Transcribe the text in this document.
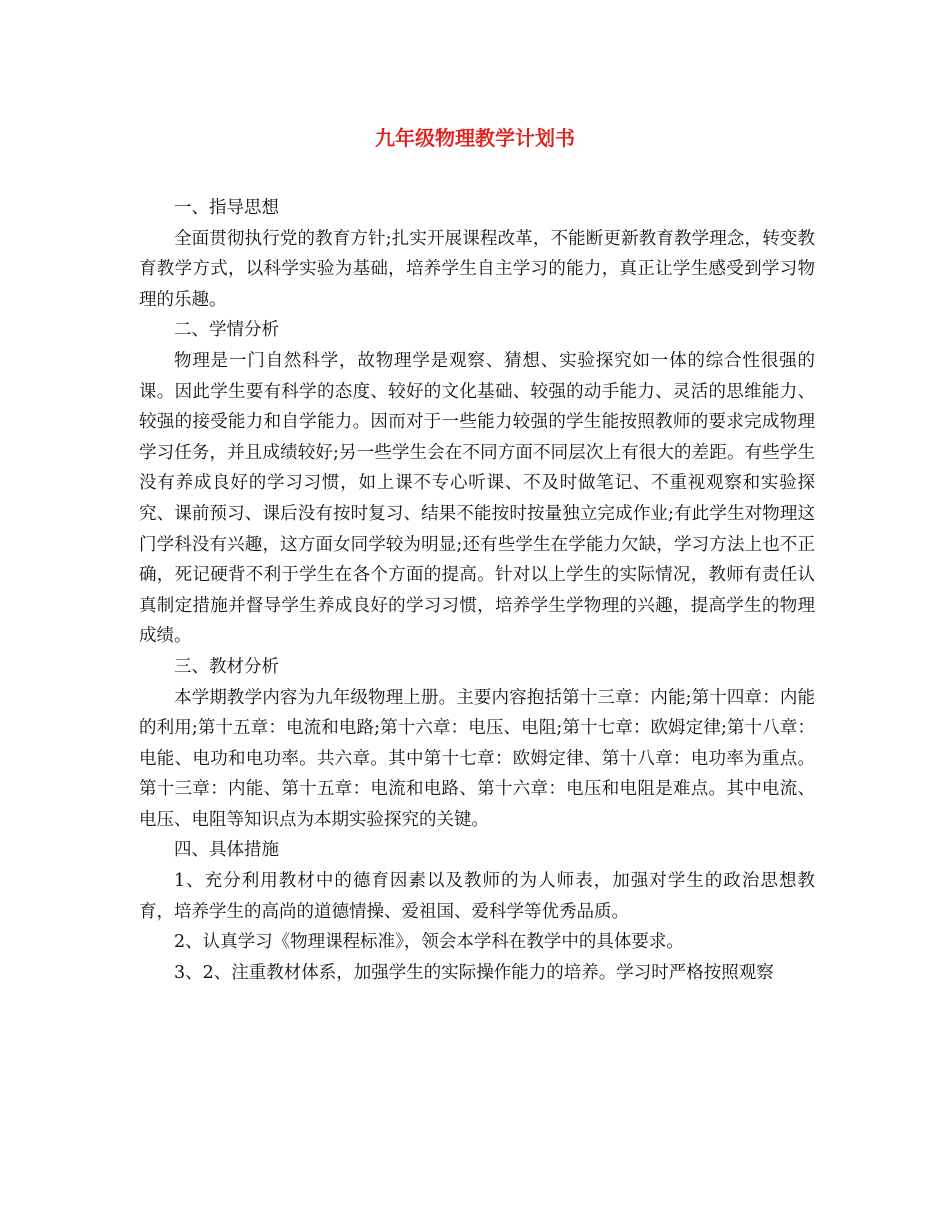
九年级物理教学计划书
一、指导思想

全面贯彻执行党的教育方针;扎实开展课程改革，不能断更新教育教学理念，转变教育教学方式，以科学实验为基础，培养学生自主学习的能力，真正让学生感受到学习物理的乐趣。

二、学情分析

物理是一门自然科学，故物理学是观察、猜想、实验探究如一体的综合性很强的课。因此学生要有科学的态度、较好的文化基础、较强的动手能力、灵活的思维能力、较强的接受能力和自学能力。因而对于一些能力较强的学生能按照教师的要求完成物理学习任务，并且成绩较好;另一些学生会在不同方面不同层次上有很大的差距。有些学生没有养成良好的学习习惯，如上课不专心听课、不及时做笔记、不重视观察和实验探究、课前预习、课后没有按时复习、结果不能按时按量独立完成作业;有此学生对物理这门学科没有兴趣，这方面女同学较为明显;还有些学生在学能力欠缺，学习方法上也不正确，死记硬背不利于学生在各个方面的提高。针对以上学生的实际情况，教师有责任认真制定措施并督导学生养成良好的学习习惯，培养学生学物理的兴趣，提高学生的物理成绩。

三、教材分析

本学期教学内容为九年级物理上册。主要内容抱括第十三章：内能;第十四章：内能的利用;第十五章：电流和电路;第十六章：电压、电阻;第十七章：欧姆定律;第十八章：电能、电功和电功率。共六章。其中第十七章：欧姆定律、第十八章：电功率为重点。第十三章：内能、第十五章：电流和电路、第十六章：电压和电阻是难点。其中电流、电压、电阻等知识点为本期实验探究的关键。

四、具体措施

1、充分利用教材中的德育因素以及教师的为人师表，加强对学生的政治思想教育，培养学生的高尚的道德情操、爱祖国、爱科学等优秀品质。

2、认真学习《物理课程标准》，领会本学科在教学中的具体要求。

3、2、注重教材体系，加强学生的实际操作能力的培养。学习时严格按照观察
